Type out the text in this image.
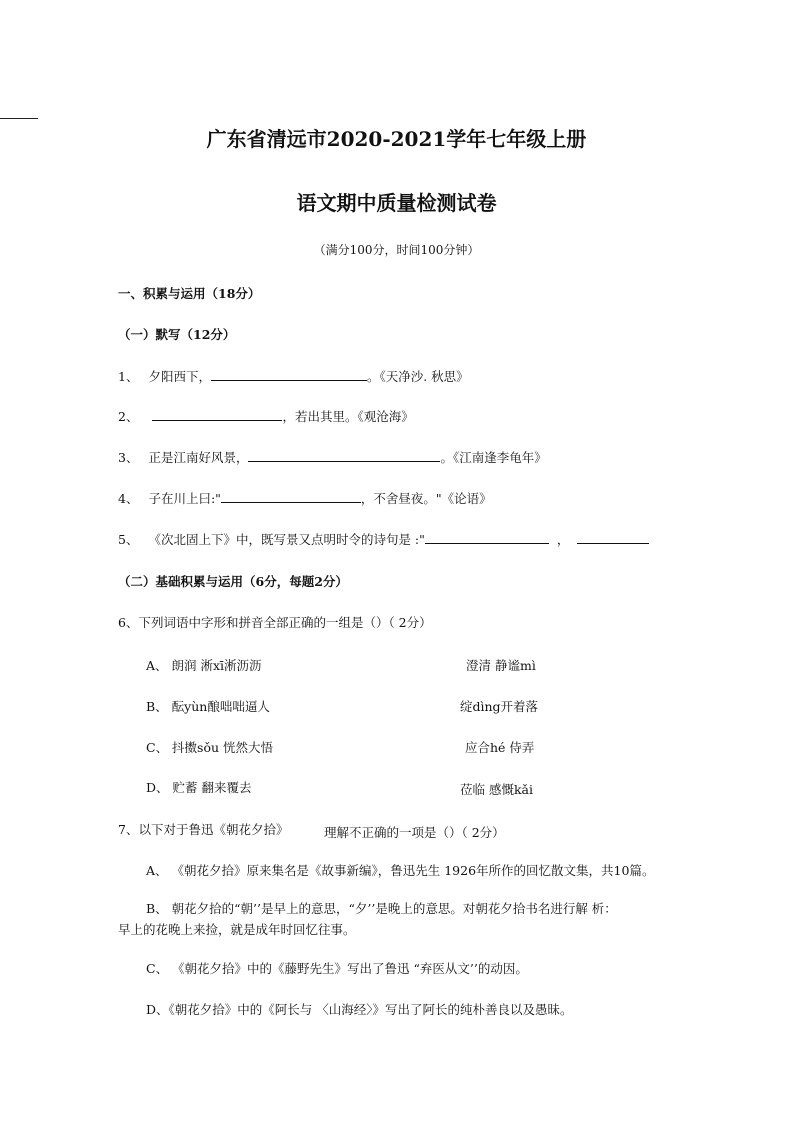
广东省清远市2020-2021学年七年级上册
语文期中质量检测试卷
（满分100分，时间100分钟）
一、积累与运用（18分）
（一）默写（12分）
1、 夕阳西下，	。《天净沙. 秋思》
2、	，若出其里。《观沧海》
3、 正是江南好风景，	。《江南逢李龟年》
4、 子在川上曰:"	，不舍昼夜。"《论语》
5、 《次北固上下》中，既写景又点明时令的诗句是 :"	，
（二）基础积累与运用（6分，每题2分）
6、下列词语中字形和拼音全部正确的一组是（）（ 2分）
A、 朗润 淅xī淅沥沥	澄清 静谧mì
B、 酝yùn酿咄咄逼人	绽dìng开着落
C、 抖擞sǒu 恍然大悟	应合hé 侍弄
D、 贮蓄 翻来覆去	莅临 感慨kǎi
7、以下对于鲁迅《朝花夕拾》	理解不正确的一项是（）（ 2分）
A、 《朝花夕拾》原来集名是《故事新编》，鲁迅先生 1926年所作的回忆散文集，共10篇。
B、 朝花夕拾的“朝’’是早上的意思，“夕’’是晚上的意思。对朝花夕拾书名进行解 析：
早上的花晚上来捡，就是成年时回忆往事。
C、 《朝花夕拾》中的《藤野先生》写出了鲁迅 “弃医从文’’的动因。
D、《朝花夕拾》中的《阿长与 〈山海经〉》写出了阿长的纯朴善良以及愚昧。
